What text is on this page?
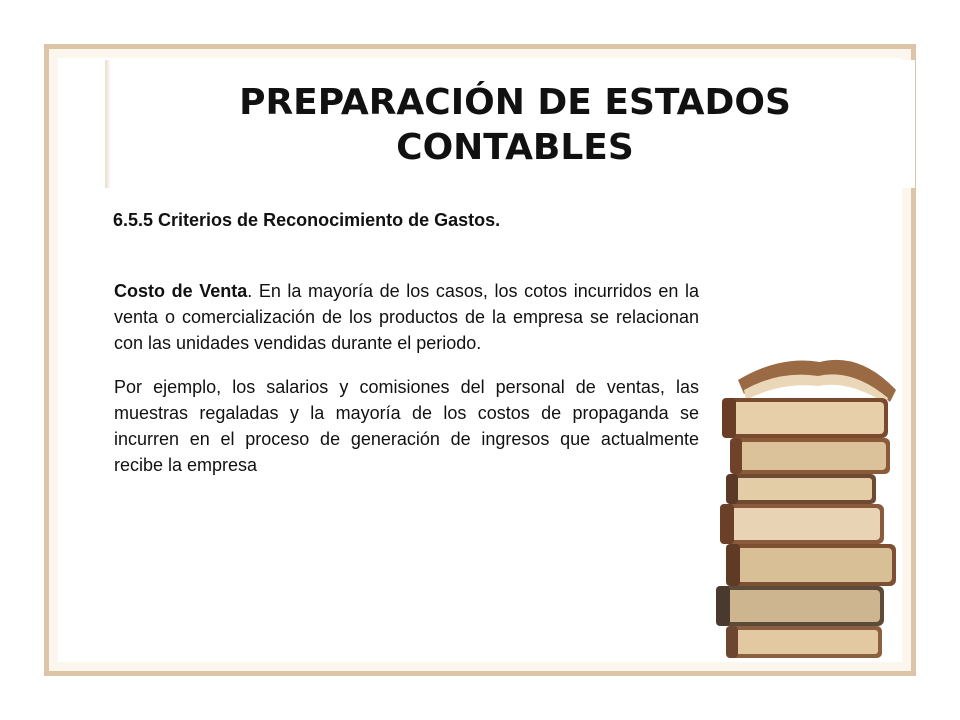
PREPARACIÓN DE ESTADOS CONTABLES

6.5.5 Criterios de Reconocimiento de Gastos.

Costo de Venta. En la mayoría de los casos, los cotos incurridos en la venta o comercialización de los productos de la empresa se relacionan con las unidades vendidas durante el periodo.

Por ejemplo, los salarios y comisiones del personal de ventas, las muestras regaladas y la mayoría de los costos de propaganda se incurren en el proceso de generación de ingresos que actualmente recibe la empresa
